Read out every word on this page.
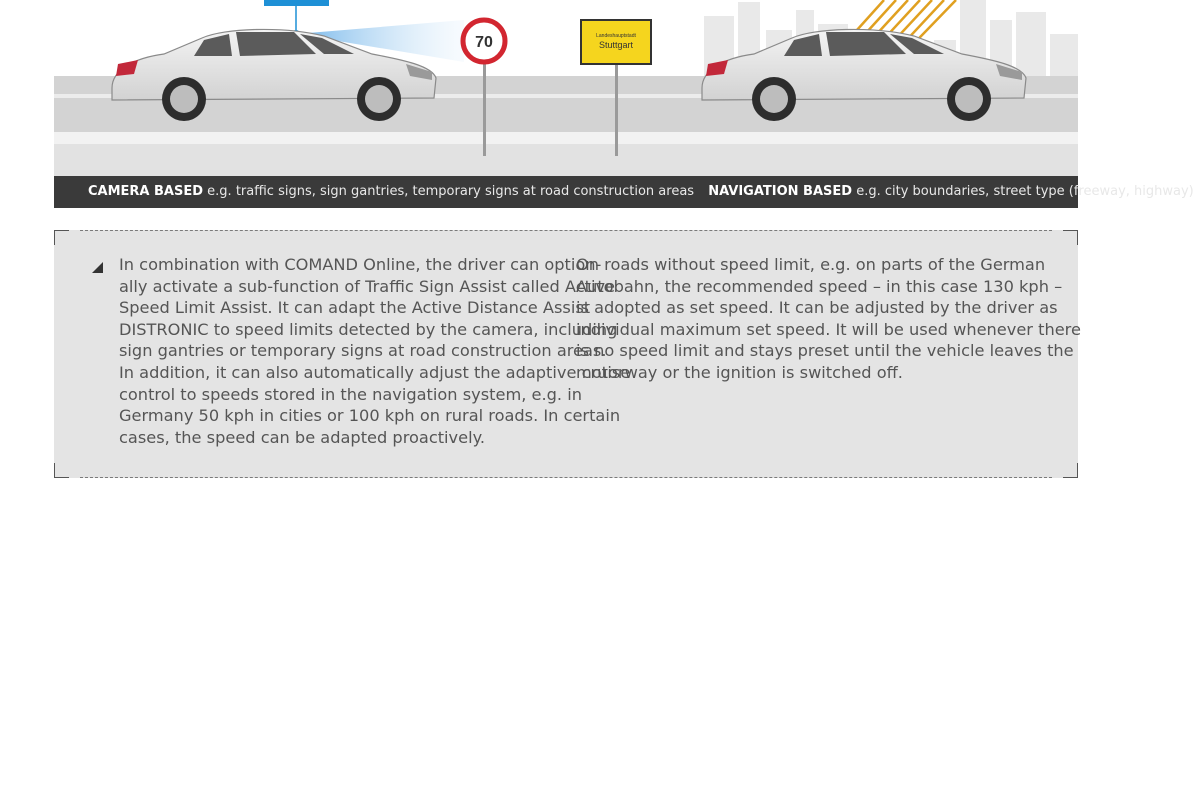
70	Landeshauptstadt
Stuttgart
CAMERA BASED e.g. traffic signs, sign gantries, temporary signs at road construction areas NAVIGATION BASED e.g. city boundaries, street type (freeway, highway)
In combination with COMAND Online, the driver can option-
ally activate a sub-function of Traffic Sign Assist called Active
Speed Limit Assist. It can adapt the Active Distance Assist
DISTRONIC to speed limits detected by the camera, including
sign gantries or temporary signs at road construction areas.
In addition, it can also automatically adjust the adaptive cruise
control to speeds stored in the navigation system, e.g. in
Germany 50 kph in cities or 100 kph on rural roads. In certain
cases, the speed can be adapted proactively.
On roads without speed limit, e.g. on parts of the German
Autobahn, the recommended speed – in this case 130 kph –
is adopted as set speed. It can be adjusted by the driver as
individual maximum set speed. It will be used whenever there
is no speed limit and stays preset until the vehicle leaves the
motorway or the ignition is switched off.
